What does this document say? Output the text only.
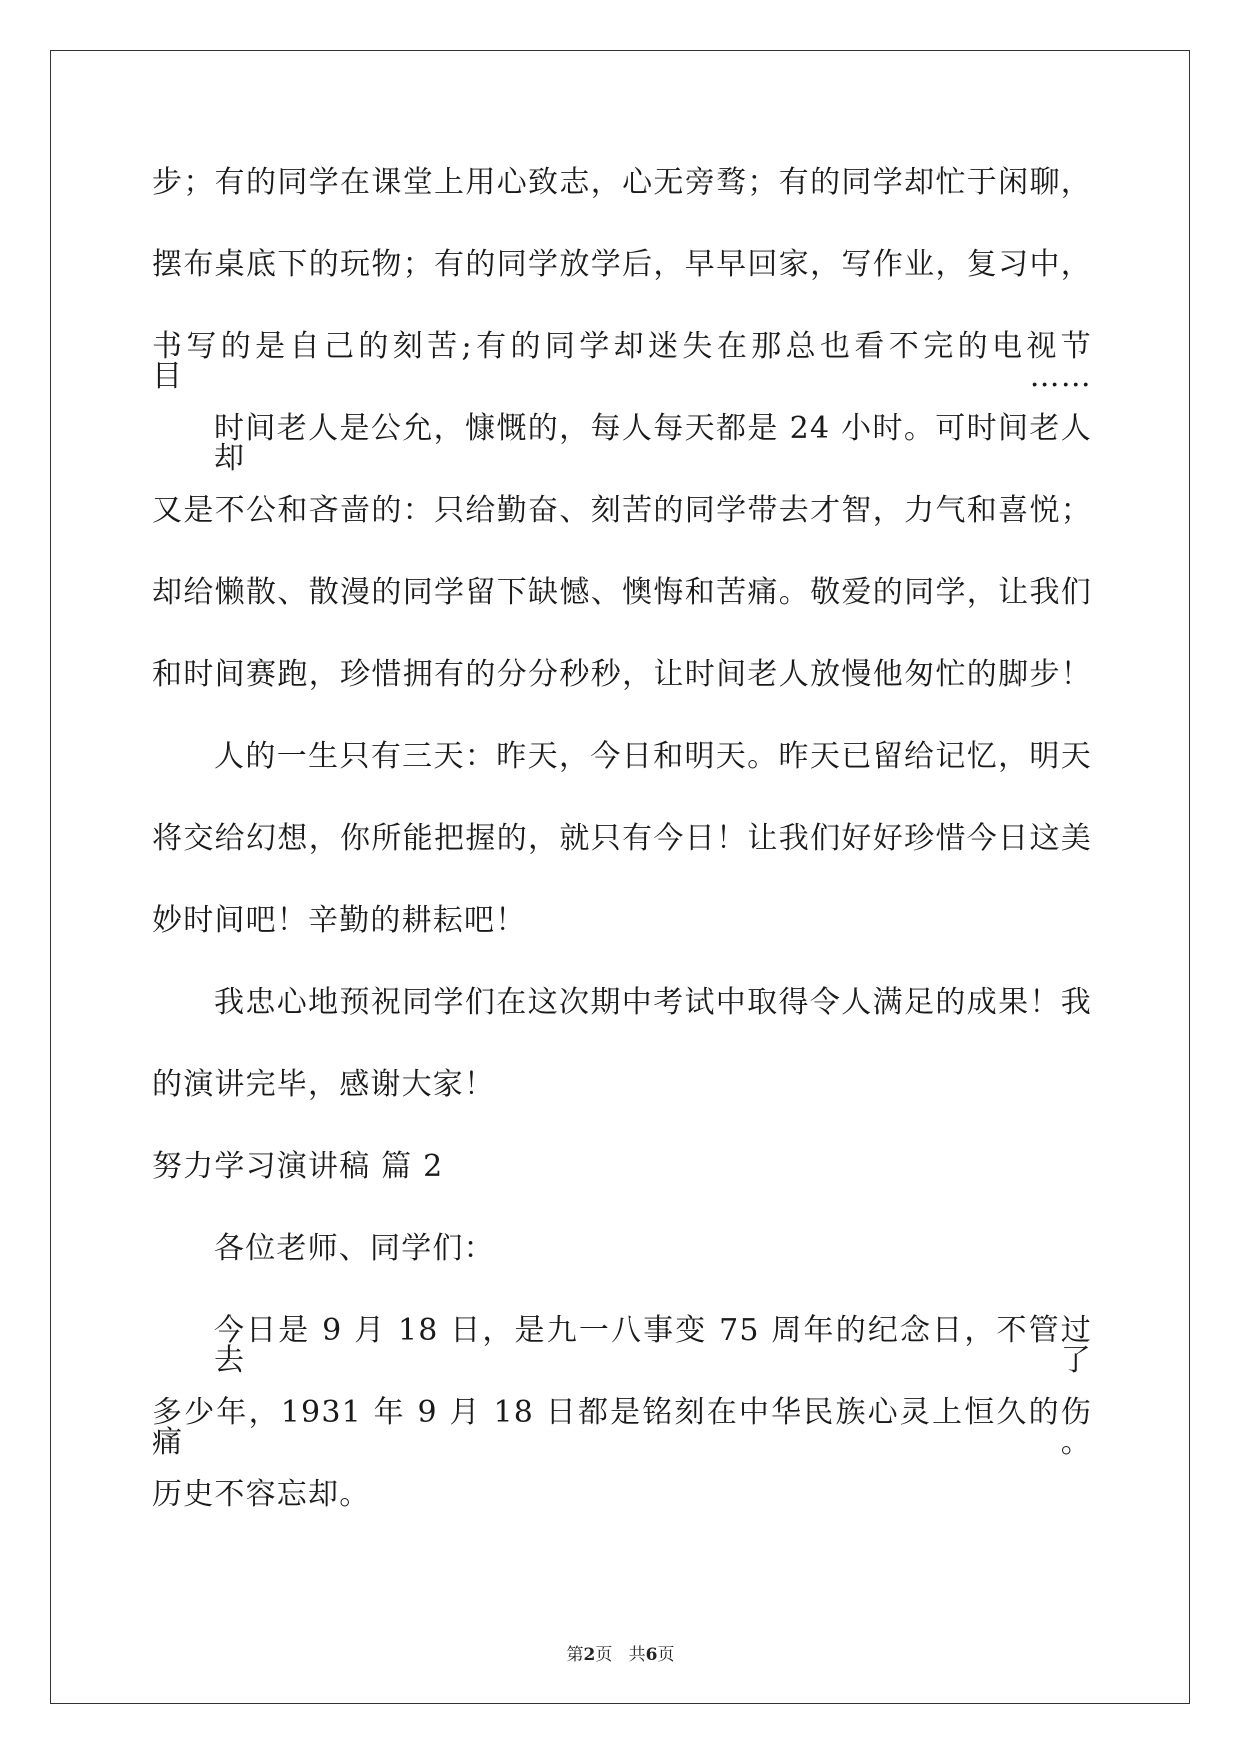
步；有的同学在课堂上用心致志，心无旁骛；有的同学却忙于闲聊，
摆布桌底下的玩物；有的同学放学后，早早回家，写作业，复习中，
书写的是自己的刻苦;有的同学却迷失在那总也看不完的电视节目……
时间老人是公允，慷慨的，每人每天都是 24 小时。可时间老人却
又是不公和吝啬的：只给勤奋、刻苦的同学带去才智，力气和喜悦；
却给懒散、散漫的同学留下缺憾、懊悔和苦痛。敬爱的同学，让我们
和时间赛跑，珍惜拥有的分分秒秒，让时间老人放慢他匆忙的脚步！
人的一生只有三天：昨天，今日和明天。昨天已留给记忆，明天
将交给幻想，你所能把握的，就只有今日！让我们好好珍惜今日这美
妙时间吧！辛勤的耕耘吧！
我忠心地预祝同学们在这次期中考试中取得令人满足的成果！我
的演讲完毕，感谢大家！
努力学习演讲稿 篇 2
各位老师、同学们：
今日是 9 月 18 日，是九一八事变 75 周年的纪念日，不管过去了
多少年，1931 年 9 月 18 日都是铭刻在中华民族心灵上恒久的伤痛。
历史不容忘却。
第2页   共6页
